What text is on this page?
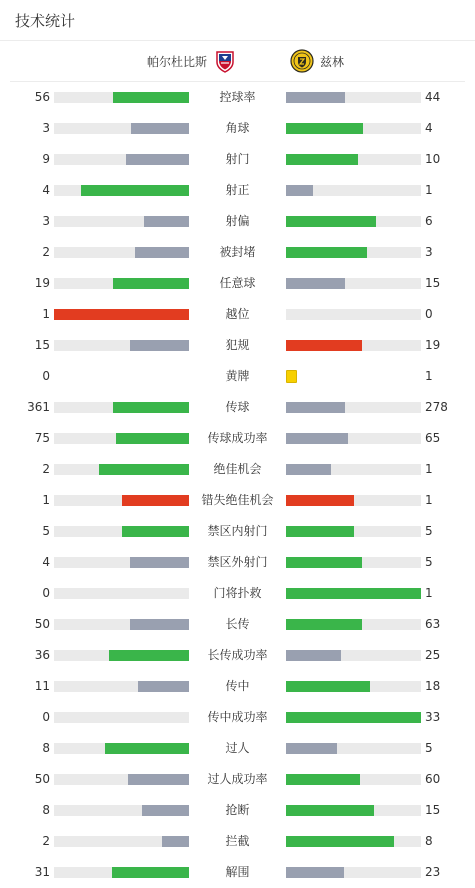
技术统计
帕尔杜比斯	兹林
56	控球率	44
3	角球	4
9	射门	10
4	射正	1
3	射偏	6
2	被封堵	3
19	任意球	15
1	越位	0
15	犯规	19
0	黄牌	1
361	传球	278
75	传球成功率	65
2	绝佳机会	1
1	错失绝佳机会	1
5	禁区内射门	5
4	禁区外射门	5
0	门将扑救	1
50	长传	63
36	长传成功率	25
11	传中	18
0	传中成功率	33
8	过人	5
50	过人成功率	60
8	抢断	15
2	拦截	8
31	解围	23
